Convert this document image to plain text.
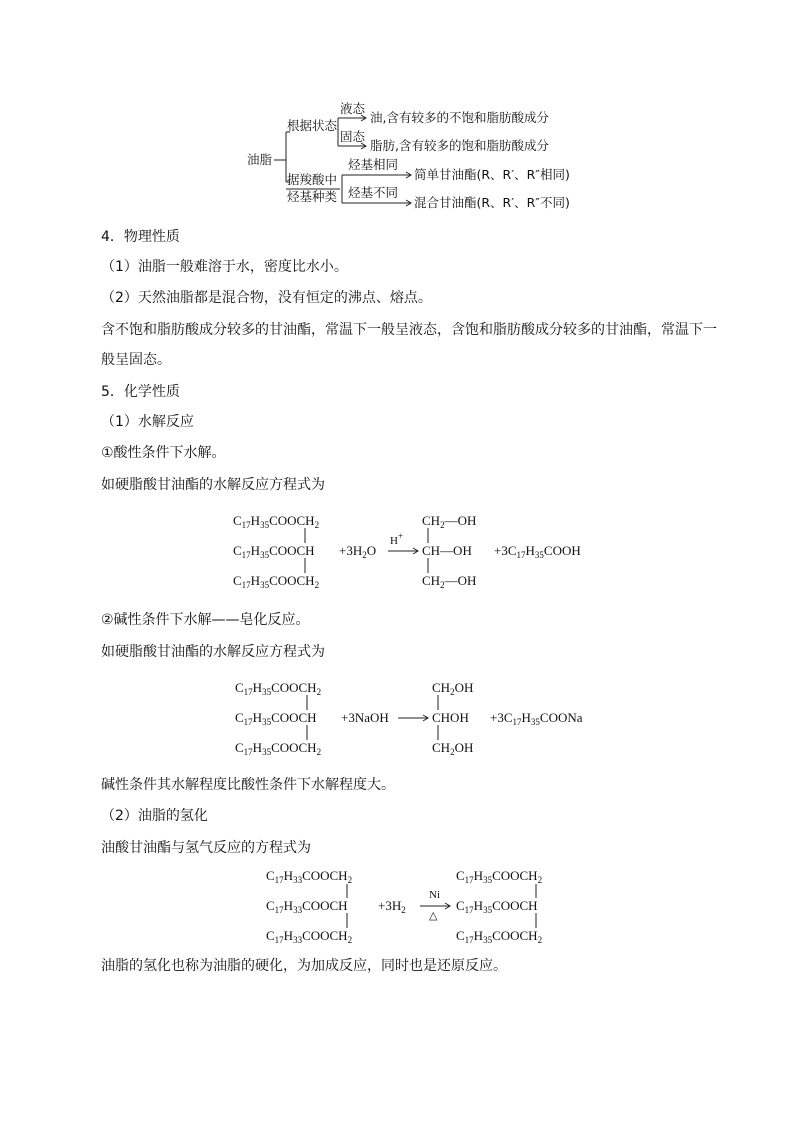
油脂
根据状态
液态
油,含有较多的不饱和脂肪酸成分
固态
脂肪,含有较多的饱和脂肪酸成分
据羧酸中
烃基种类
烃基相同
简单甘油酯(R、R′、R″相同)
烃基不同
混合甘油酯(R、R′、R″不同)
4．物理性质
（1）油脂一般难溶于水，密度比水小。
（2）天然油脂都是混合物，没有恒定的沸点、熔点。
含不饱和脂肪酸成分较多的甘油酯，常温下一般呈液态，含饱和脂肪酸成分较多的甘油酯，常温下一
般呈固态。
5．化学性质
（1）水解反应
①酸性条件下水解。
如硬脂酸甘油酯的水解反应方程式为
$C_{17}H_{35}COOCH_2$
$C_{17}H_{35}COOCH$
$C_{17}H_{35}COOCH_2$
$+3H_2O$
H+
$CH_2—OH$
CH—OH
$CH_2—OH$
$+3C_{17}H_{35}COOH$
②碱性条件下水解——皂化反应。
如硬脂酸甘油酯的水解反应方程式为
$C_{17}H_{35}COOCH_2$
$C_{17}H_{35}COOCH$
$C_{17}H_{35}COOCH_2$
+3NaOH
$CH_2OH$
CHOH
$CH_2OH$
$+3C_{17}H_{35}COONa$
碱性条件其水解程度比酸性条件下水解程度大。
（2）油脂的氢化
油酸甘油酯与氢气反应的方程式为
$C_{17}H_{33}COOCH_2$
$C_{17}H_{33}COOCH$
$C_{17}H_{33}COOCH_2$
$+3H_2$
Ni
△
$C_{17}H_{35}COOCH_2$
$C_{17}H_{35}COOCH$
$C_{17}H_{35}COOCH_2$
油脂的氢化也称为油脂的硬化，为加成反应，同时也是还原反应。
